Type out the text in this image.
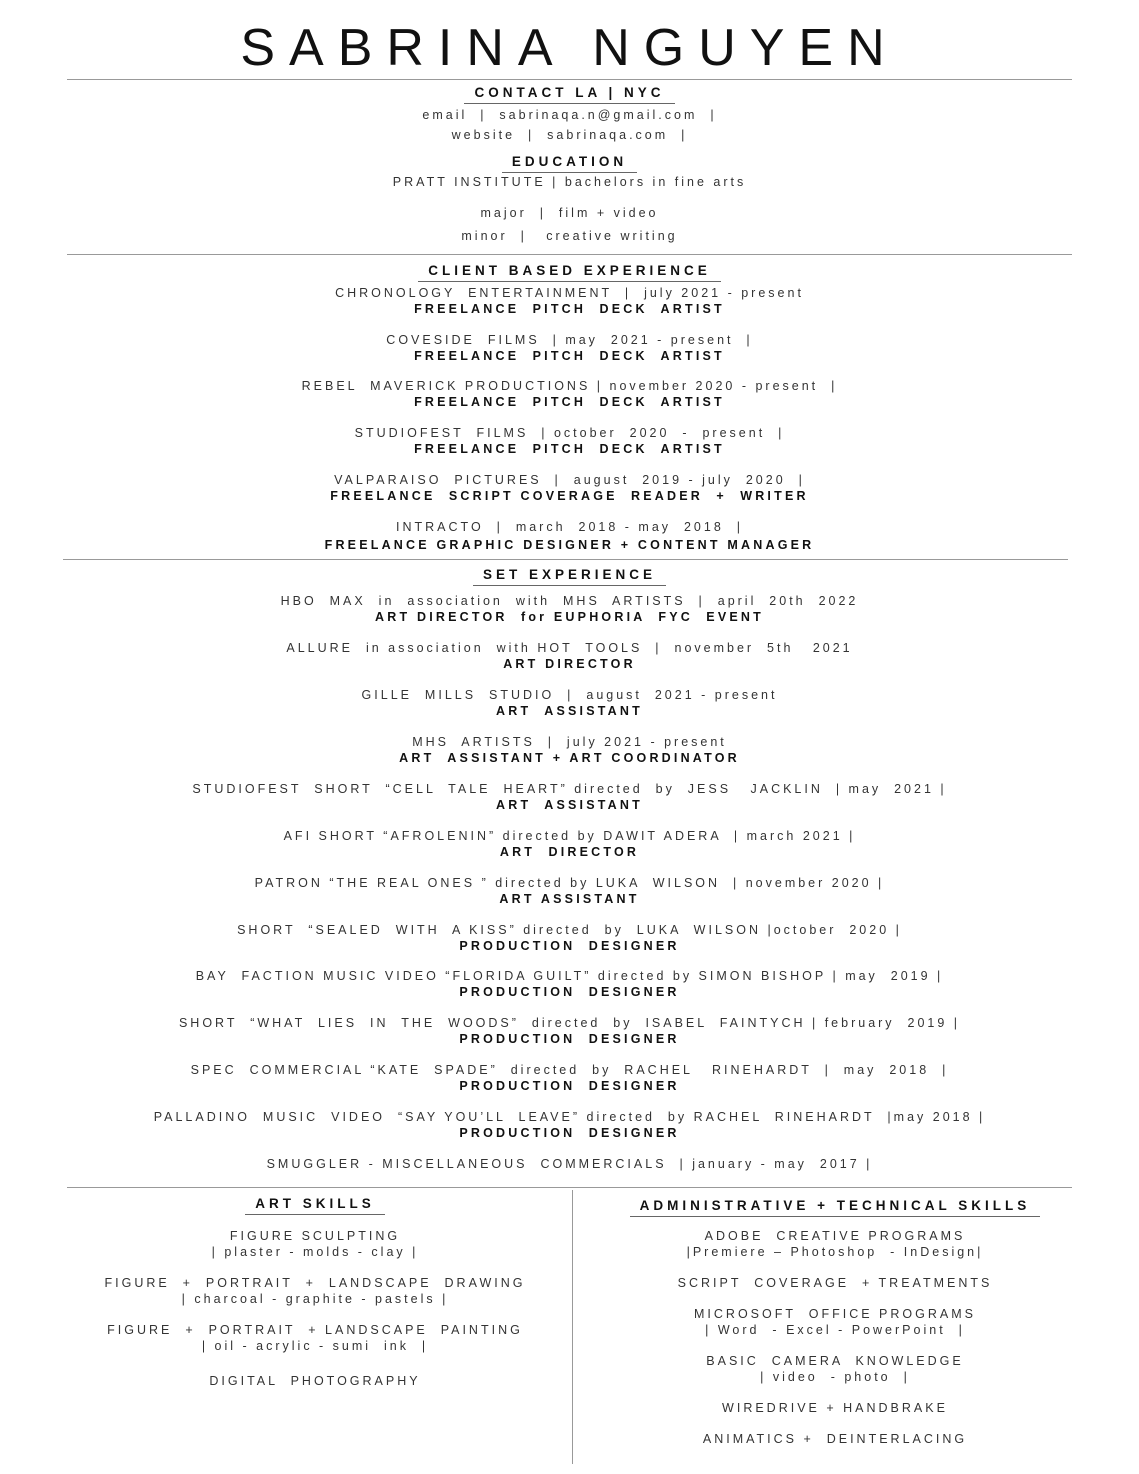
SABRINA NGUYEN
CONTACT LA | NYC
email  |  sabrinaqa.n@gmail.com  |
website  |  sabrinaqa.com  |
EDUCATION
PRATT INSTITUTE | bachelors in fine arts
major  |  film + video
minor  |   creative writing
CLIENT BASED EXPERIENCE
CHRONOLOGY  ENTERTAINMENT  |  july 2021 - present
FREELANCE  PITCH  DECK  ARTIST
COVESIDE  FILMS  | may  2021 - present  |
FREELANCE  PITCH  DECK  ARTIST
REBEL  MAVERICK PRODUCTIONS | november 2020 - present  |
FREELANCE  PITCH  DECK  ARTIST
STUDIOFEST  FILMS  | october  2020  -  present  |
FREELANCE  PITCH  DECK  ARTIST
VALPARAISO  PICTURES  |  august  2019 - july  2020  |
FREELANCE  SCRIPT COVERAGE  READER  +  WRITER
INTRACTO  |  march  2018 - may  2018  |
FREELANCE GRAPHIC DESIGNER + CONTENT MANAGER
SET EXPERIENCE
HBO  MAX  in  association  with  MHS  ARTISTS  |  april  20th  2022
ART DIRECTOR  for EUPHORIA  FYC  EVENT
ALLURE  in association  with HOT  TOOLS  |  november  5th   2021
ART DIRECTOR
GILLE  MILLS  STUDIO  |  august  2021 - present
ART  ASSISTANT
MHS  ARTISTS  |  july 2021 - present
ART  ASSISTANT + ART COORDINATOR
STUDIOFEST  SHORT  “CELL  TALE  HEART” directed  by  JESS   JACKLIN  | may  2021 |
ART  ASSISTANT
AFI SHORT “AFROLENIN” directed by DAWIT ADERA  | march 2021 |
ART  DIRECTOR
PATRON “THE REAL ONES ” directed by LUKA  WILSON  | november 2020 |
ART ASSISTANT
SHORT  “SEALED  WITH  A KISS” directed  by  LUKA  WILSON |october  2020 |
PRODUCTION  DESIGNER
BAY  FACTION MUSIC VIDEO “FLORIDA GUILT” directed by SIMON BISHOP | may  2019 |
PRODUCTION  DESIGNER
SHORT  “WHAT  LIES  IN  THE  WOODS”  directed  by  ISABEL  FAINTYCH | february  2019 |
PRODUCTION  DESIGNER
SPEC  COMMERCIAL “KATE  SPADE”  directed  by  RACHEL   RINEHARDT  |  may  2018  |
PRODUCTION  DESIGNER
PALLADINO  MUSIC  VIDEO  “SAY YOU’LL  LEAVE” directed  by RACHEL  RINEHARDT  |may 2018 |
PRODUCTION  DESIGNER
SMUGGLER - MISCELLANEOUS  COMMERCIALS  | january - may  2017 |
ART SKILLS
FIGURE SCULPTING
| plaster - molds - clay |
FIGURE  +  PORTRAIT  +  LANDSCAPE  DRAWING
| charcoal - graphite - pastels |
FIGURE  +  PORTRAIT  + LANDSCAPE  PAINTING
| oil - acrylic - sumi  ink  |
DIGITAL  PHOTOGRAPHY
ADMINISTRATIVE + TECHNICAL SKILLS
ADOBE  CREATIVE PROGRAMS
|Premiere – Photoshop  - InDesign|
SCRIPT  COVERAGE  + TREATMENTS
MICROSOFT  OFFICE PROGRAMS
| Word  - Excel - PowerPoint  |
BASIC  CAMERA  KNOWLEDGE
| video  - photo  |
WIREDRIVE + HANDBRAKE
ANIMATICS +  DEINTERLACING
